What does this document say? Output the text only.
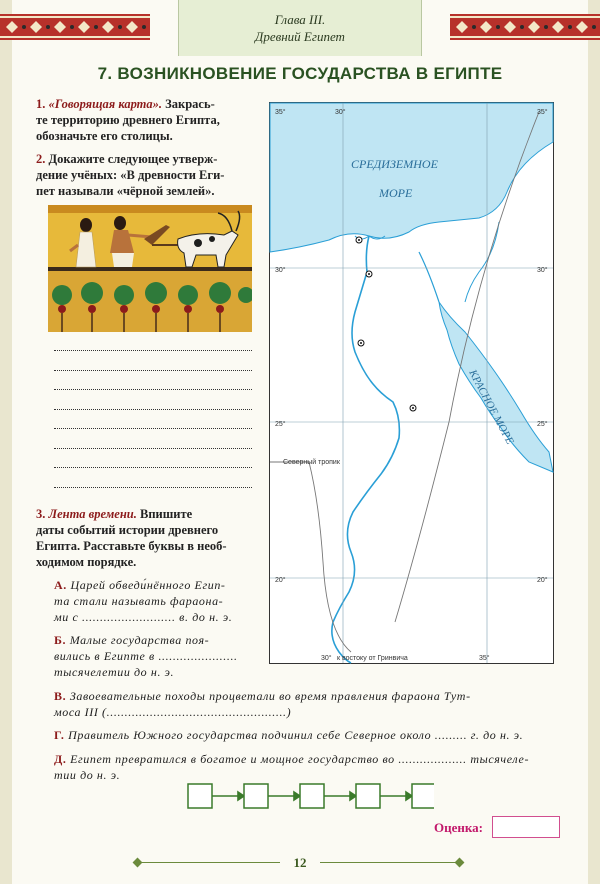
Глава III.
Древний Египет
7. ВОЗНИКНОВЕНИЕ ГОСУДАРСТВА В ЕГИПТЕ
1. «Говорящая карта». Закрась-
те территорию древнего Египта,
обозначьте его столицы.
2. Докажите следующее утверж-
дение учёных: «В древности Еги-
пет называли «чёрной землей».
СРЕДИЗЕМНОЕ
МОРЕ
КРАСНОЕ МОРЕ
Северный тропик
к востоку от Гринвича
35°	30°	35°
30°	30°
25°	25°
20°	20°
30°	35°
3. Лента времени. Впишите
даты событий истории древнего
Египта. Расставьте буквы в необ-
ходимом порядке.
А. Царей обведи́нённого Егип-
та стали называть фараона-
ми с .......................... в. до н. э.
Б. Малые государства поя-
вились в Египте в ......................
тысячелетии до н. э.
В. Завоевательные походы процветали во время правления фараона Тут-
моса III (..................................................)
Г. Правитель Южного государства подчинил себе Северное около ......... г. до н. э.
Д. Египет превратился в богатое и мощное государство во ................... тысячеле-
тии до н. э.
Оценка:
12
